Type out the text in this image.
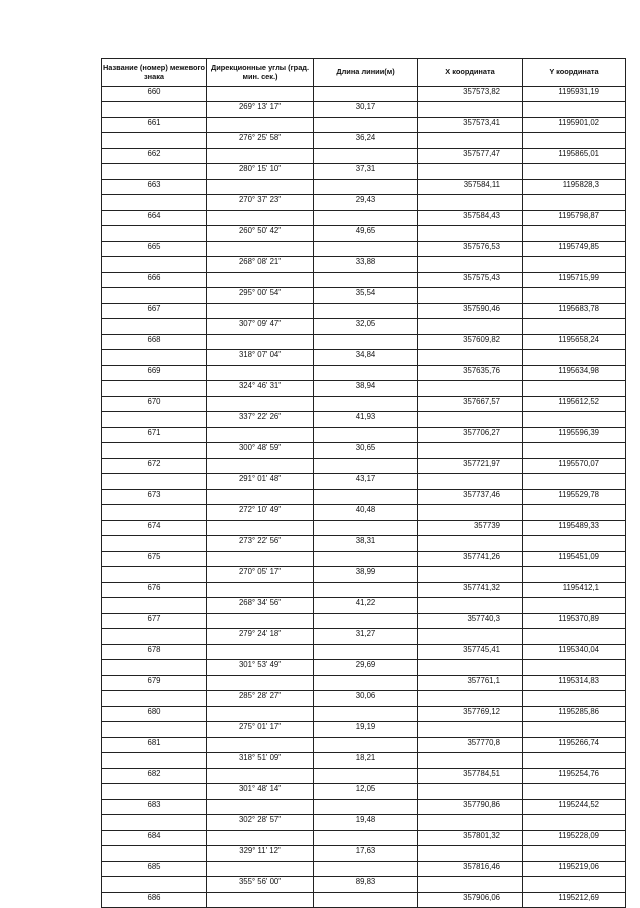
Название (номер) межевого знака	Дирекционные углы (град. мин. сек.)	Длина линии(м)	X координата	Y координата
660			357573,82	1195931,19
	269° 13' 17"	30,17		
661			357573,41	1195901,02
	276° 25' 58"	36,24		
662			357577,47	1195865,01
	280° 15' 10"	37,31		
663			357584,11	1195828,3
	270° 37' 23"	29,43		
664			357584,43	1195798,87
	260° 50' 42"	49,65		
665			357576,53	1195749,85
	268° 08' 21"	33,88		
666			357575,43	1195715,99
	295° 00' 54"	35,54		
667			357590,46	1195683,78
	307° 09' 47"	32,05		
668			357609,82	1195658,24
	318° 07' 04"	34,84		
669			357635,76	1195634,98
	324° 46' 31"	38,94		
670			357667,57	1195612,52
	337° 22' 26"	41,93		
671			357706,27	1195596,39
	300° 48' 59"	30,65		
672			357721,97	1195570,07
	291° 01' 48"	43,17		
673			357737,46	1195529,78
	272° 10' 49"	40,48		
674			357739	1195489,33
	273° 22' 56"	38,31		
675			357741,26	1195451,09
	270° 05' 17"	38,99		
676			357741,32	1195412,1
	268° 34' 56"	41,22		
677			357740,3	1195370,89
	279° 24' 18"	31,27		
678			357745,41	1195340,04
	301° 53' 49"	29,69		
679			357761,1	1195314,83
	285° 28' 27"	30,06		
680			357769,12	1195285,86
	275° 01' 17"	19,19		
681			357770,8	1195266,74
	318° 51' 09"	18,21		
682			357784,51	1195254,76
	301° 48' 14"	12,05		
683			357790,86	1195244,52
	302° 28' 57"	19,48		
684			357801,32	1195228,09
	329° 11' 12"	17,63		
685			357816,46	1195219,06
	355° 56' 00"	89,83		
686			357906,06	1195212,69
